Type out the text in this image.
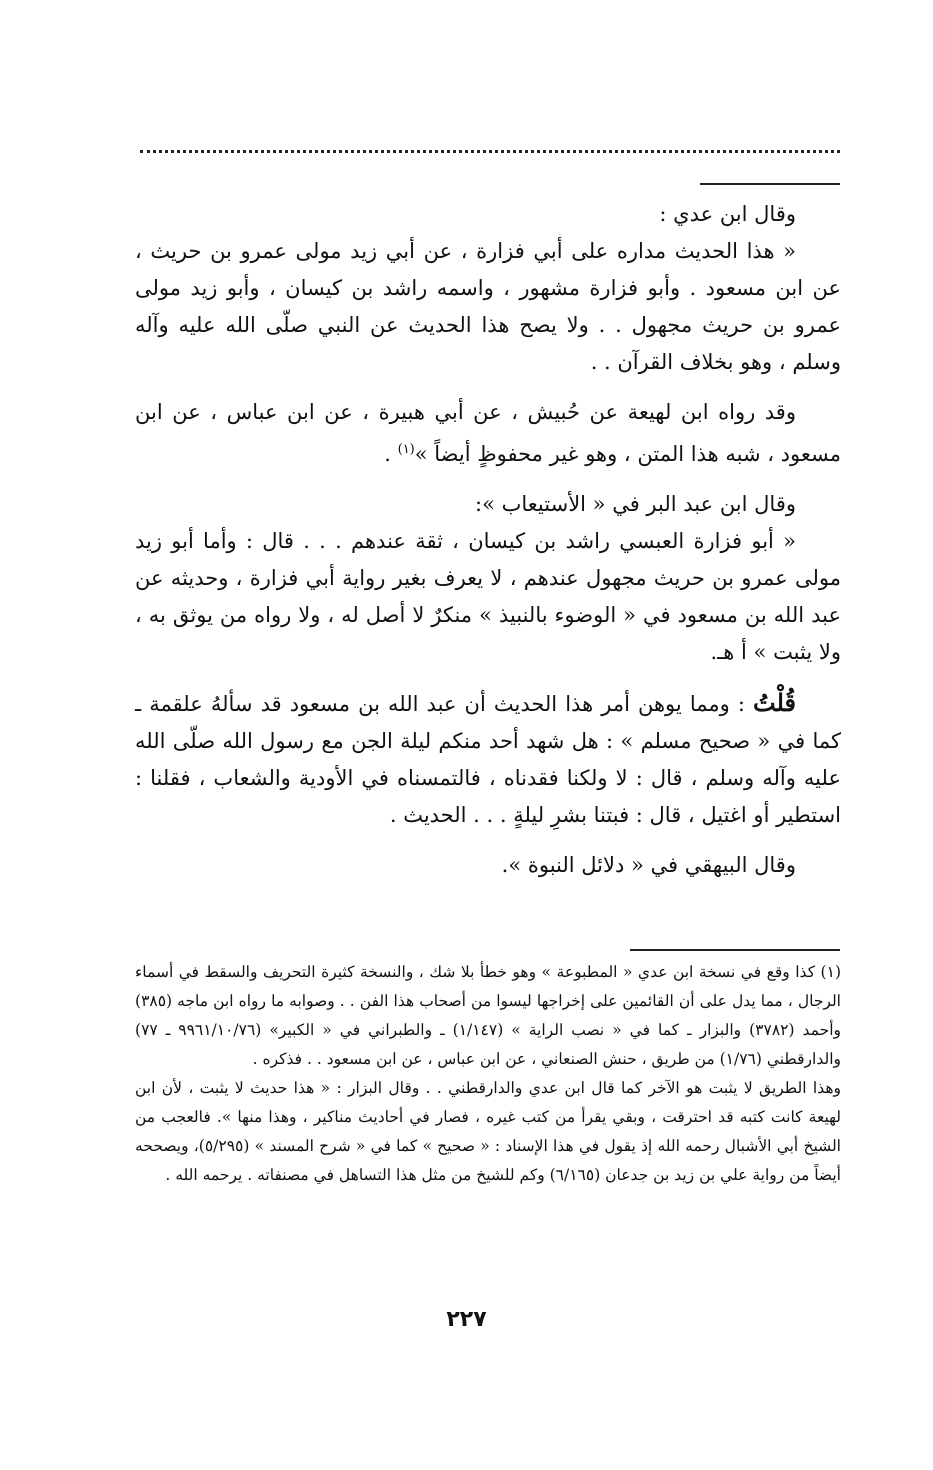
وقال ابن عدي :

« هذا الحديث مداره على أبي فزارة ، عن أبي زيد مولى عمرو بن حريث ، عن ابن مسعود . وأبو فزارة مشهور ، واسمه راشد بن كيسان ، وأبو زيد مولى عمرو بن حريث مجهول . . ولا يصح هذا الحديث عن النبي صلّى الله عليه وآله وسلم ، وهو بخلاف القرآن . .

وقد رواه ابن لهيعة عن حُبيش ، عن أبي هبيرة ، عن ابن عباس ، عن ابن مسعود ، شبه هذا المتن ، وهو غير محفوظٍ أيضاً »$^{(١)}$ .

وقال ابن عبد البر في « الأستيعاب »:

« أبو فزارة العبسي راشد بن كيسان ، ثقة عندهم . . . قال : وأما أبو زيد مولى عمرو بن حريث مجهول عندهم ، لا يعرف بغير رواية أبي فزارة ، وحديثه عن عبد الله بن مسعود في « الوضوء بالنبيذ » منكرٌ لا أصل له ، ولا رواه من يوثق به ، ولا يثبت » أ هـ.

قُلْتُ : ومما يوهن أمر هذا الحديث أن عبد الله بن مسعود قد سألهُ علقمة ـ كما في « صحيح مسلم » : هل شهد أحد منكم ليلة الجن مع رسول الله صلّى الله عليه وآله وسلم ، قال : لا ولكنا فقدناه ، فالتمسناه في الأودية والشعاب ، فقلنا : استطير أو اغتيل ، قال : فبتنا بشرِ ليلةٍ . . . الحديث .

وقال البيهقي في « دلائل النبوة ».

(١) كذا وقع في نسخة ابن عدي « المطبوعة » وهو خطأ بلا شك ، والنسخة كثيرة التحريف والسقط في أسماء الرجال ، مما يدل على أن القائمين على إخراجها ليسوا من أصحاب هذا الفن . . وصوابه ما رواه ابن ماجه (٣٨٥) وأحمد (٣٧٨٢) والبزار ـ كما في « نصب الراية » (١/١٤٧) ـ والطبراني في « الكبير» (٩٩٦١/١٠/٧٦ ـ ٧٧) والدارقطني (١/٧٦) من طريق ، حنش الصنعاني ، عن ابن عباس ، عن ابن مسعود . . فذكره .

وهذا الطريق لا يثبت هو الآخر كما قال ابن عدي والدارقطني . . وقال البزار : « هذا حديث لا يثبت ، لأن ابن لهيعة كانت كتبه قد احترقت ، وبقي يقرأ من كتب غيره ، فصار في أحاديث مناكير ، وهذا منها ». فالعجب من الشيخ أبي الأشبال رحمه الله إذ يقول في هذا الإسناد : « صحيح » كما في « شرح المسند » (٥/٢٩٥)، ويصححه أيضاً من رواية علي بن زيد بن جدعان (٦/١٦٥) وكم للشيخ من مثل هذا التساهل في مصنفاته . يرحمه الله .

٢٢٧
